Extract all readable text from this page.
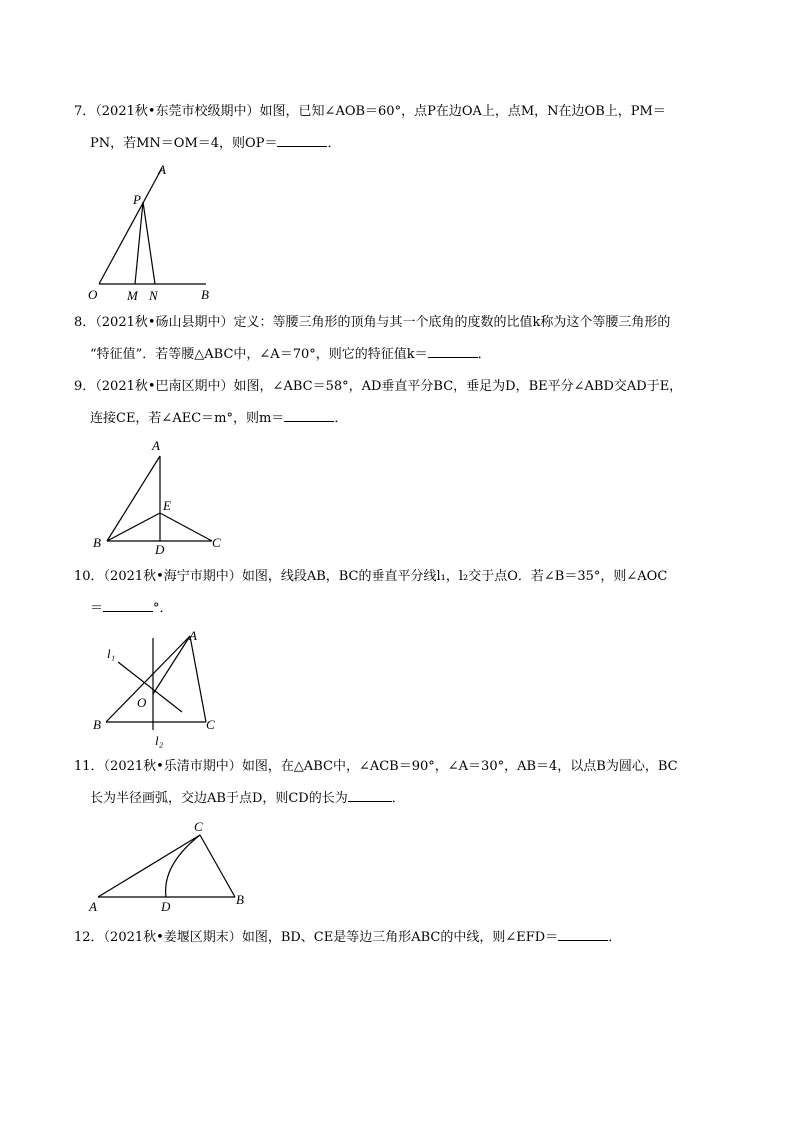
7．（2021秋•东莞市校级期中）如图，已知∠AOB＝60°，点P在边OA上，点M，N在边OB上，PM＝
PN，若MN＝OM＝4，则OP＝	．
A
P
O M N	B
8．（2021秋•砀山县期中）定义：等腰三角形的顶角与其一个底角的度数的比值k称为这个等腰三角形的
“特征值”．若等腰△ABC中，∠A＝70°，则它的特征值k＝	．
9．（2021秋•巴南区期中）如图，∠ABC＝58°，AD垂直平分BC，垂足为D，BE平分∠ABD交AD于E，
连接CE，若∠AEC＝m°，则m＝	．
A
E
B	D	C
10．（2021秋•海宁市期中）如图，线段AB，BC的垂直平分线l₁，l₂交于点O．若∠B＝35°，则∠AOC
＝	°．
l₁
A
O
B	C
l₂
11．（2021秋•乐清市期中）如图，在△ABC中，∠ACB＝90°，∠A＝30°，AB＝4，以点B为圆心，BC
长为半径画弧，交边AB于点D，则CD的长为	．
C
A	D	B
12．（2021秋•姜堰区期末）如图，BD、CE是等边三角形ABC的中线，则∠EFD＝	．
